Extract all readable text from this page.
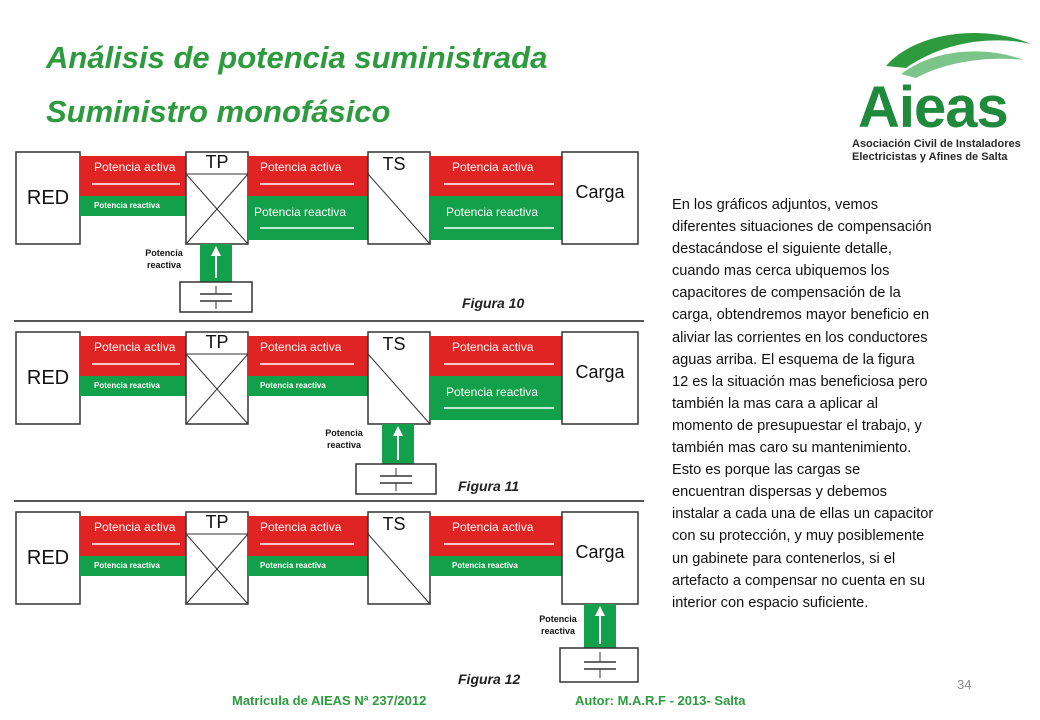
Análisis de potencia suministrada
Suministro monofásico	Aieas
Asociación Civil de Instaladores
Electricistas y Afines de Salta
RED
Potencia activa
Potencia reactiva
TP	Potencia activa
Potencia reactiva
TS	Potencia activa
Potencia reactiva
Carga
Potencia
reactiva
Figura 10
RED
Potencia activa
Potencia reactiva
TP	Potencia activa
Potencia reactiva
TS	Potencia activa
Potencia reactiva
Carga
Potencia
reactiva
Figura 11
RED
Potencia activa
Potencia reactiva
TP	Potencia activa
Potencia reactiva
TS	Potencia activa
Potencia reactiva
Carga
Potencia
reactiva
Figura 12
En los gráficos adjuntos, vemos
diferentes situaciones de compensación
destacándose el siguiente detalle,
cuando mas cerca ubiquemos los
capacitores de compensación de la
carga, obtendremos mayor beneficio en
aliviar las corrientes en los conductores
aguas arriba. El esquema de la figura
12 es la situación mas beneficiosa pero
también la mas cara a aplicar al
momento de presupuestar el trabajo, y
también mas caro su mantenimiento.
Esto es porque las cargas se
encuentran dispersas y debemos
instalar a cada una de ellas un capacitor
con su protección, y muy posiblemente
un gabinete para contenerlos, si el
artefacto a compensar no cuenta en su
interior con espacio suficiente.
Matricula de AIEAS Nª 237/2012	Autor: M.A.R.F - 2013- Salta
34
